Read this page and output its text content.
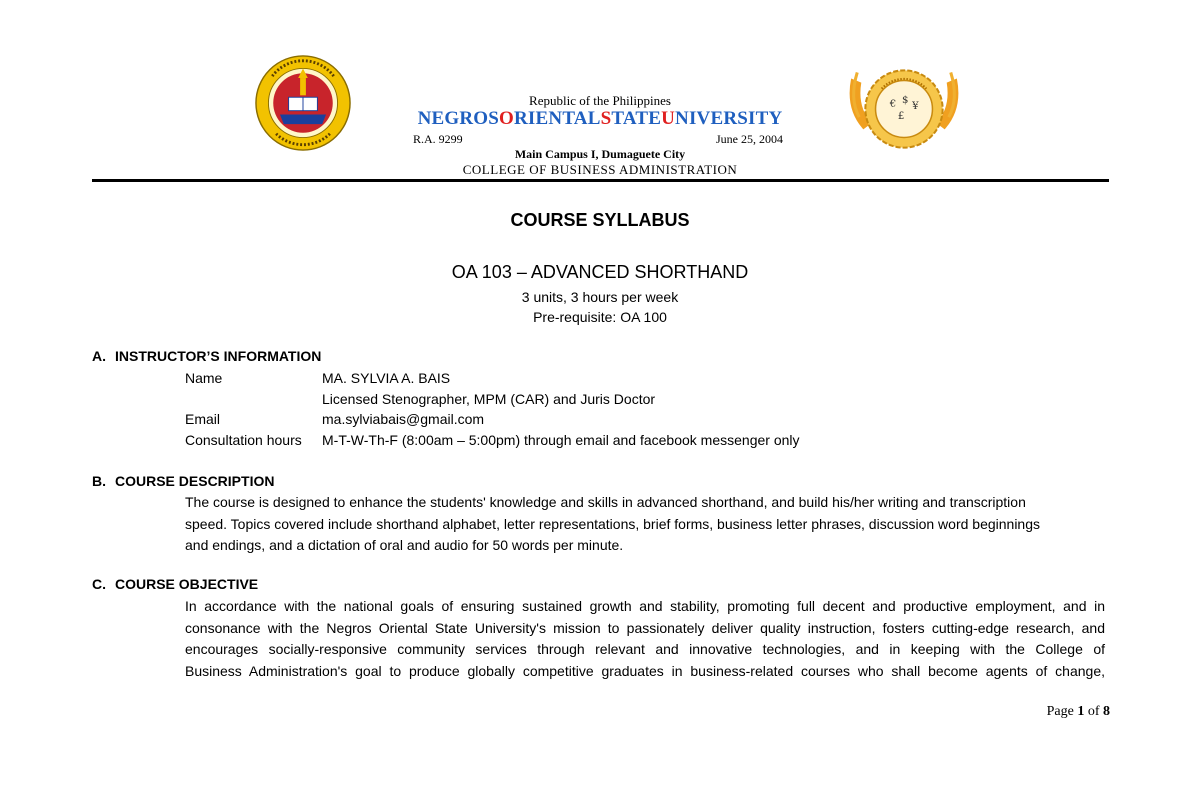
€ $
¥
£
Republic of the Philippines
NEGROSORIENTALSTATEUNIVERSITY
R.A. 9299	June 25, 2004
Main Campus I, Dumaguete City
COLLEGE OF BUSINESS ADMINISTRATION
COURSE SYLLABUS
OA 103 – ADVANCED SHORTHAND
3 units, 3 hours per week
Pre-requisite: OA 100
A. INSTRUCTOR’S INFORMATION
Name	MA. SYLVIA A. BAIS
Licensed Stenographer, MPM (CAR) and Juris Doctor
Email	ma.sylviabais@gmail.com
Consultation hours M-T-W-Th-F (8:00am – 5:00pm) through email and facebook messenger only
B. COURSE DESCRIPTION
The course is designed to enhance the students' knowledge and skills in advanced shorthand, and build his/her writing and transcription
speed. Topics covered include shorthand alphabet, letter representations, brief forms, business letter phrases, discussion word beginnings
and endings, and a dictation of oral and audio for 50 words per minute.
C. COURSE OBJECTIVE
In accordance with the national goals of ensuring sustained growth and stability, promoting full decent and productive employment, and in
consonance with the Negros Oriental State University's mission to passionately deliver quality instruction, fosters cutting-edge research, and
encourages socially-responsive community services through relevant and innovative technologies, and in keeping with the College of
Business Administration's goal to produce globally competitive graduates in business-related courses who shall become agents of change,
Page 1 of 8
